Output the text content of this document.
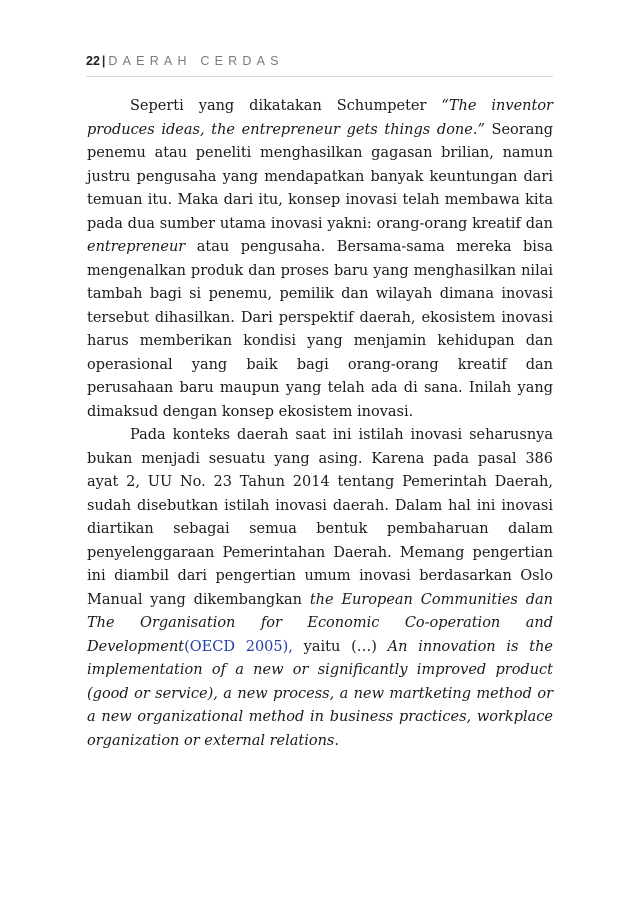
22 | DAERAH CERDAS

Seperti yang dikatakan Schumpeter “The inventor produces ideas, the entrepreneur gets things done.” Seorang penemu atau peneliti menghasilkan gagasan brilian, namun justru pengusaha yang mendapatkan banyak keuntungan dari temuan itu. Maka dari itu, konsep inovasi telah membawa kita pada dua sumber utama inovasi yakni: orang-orang kreatif dan entrepreneur atau pengusaha. Bersama-sama mereka bisa mengenalkan produk dan proses baru yang menghasilkan nilai tambah bagi si penemu, pemilik dan wilayah dimana inovasi tersebut dihasilkan. Dari perspektif daerah, ekosistem inovasi harus memberikan kondisi yang menjamin kehidupan dan operasional yang baik bagi orang-orang kreatif dan perusahaan baru maupun yang telah ada di sana. Inilah yang dimaksud dengan konsep ekosistem inovasi.

Pada konteks daerah saat ini istilah inovasi seharusnya bukan menjadi sesuatu yang asing. Karena pada pasal 386 ayat 2, UU No. 23 Tahun 2014 tentang Pemerintah Daerah, sudah disebutkan istilah inovasi daerah. Dalam hal ini inovasi diartikan sebagai semua bentuk pembaharuan dalam penyelenggaraan Pemerintahan Daerah. Memang pengertian ini diambil dari pengertian umum inovasi berdasarkan Oslo Manual yang dikembangkan the European Communities dan The Organisation for Economic Co-operation and Development(OECD 2005), yaitu (…) An innovation is the implementation of a new or significantly improved product (good or service), a new process, a new martketing method or a new organizational method in business practices, workplace organization or external relations.
